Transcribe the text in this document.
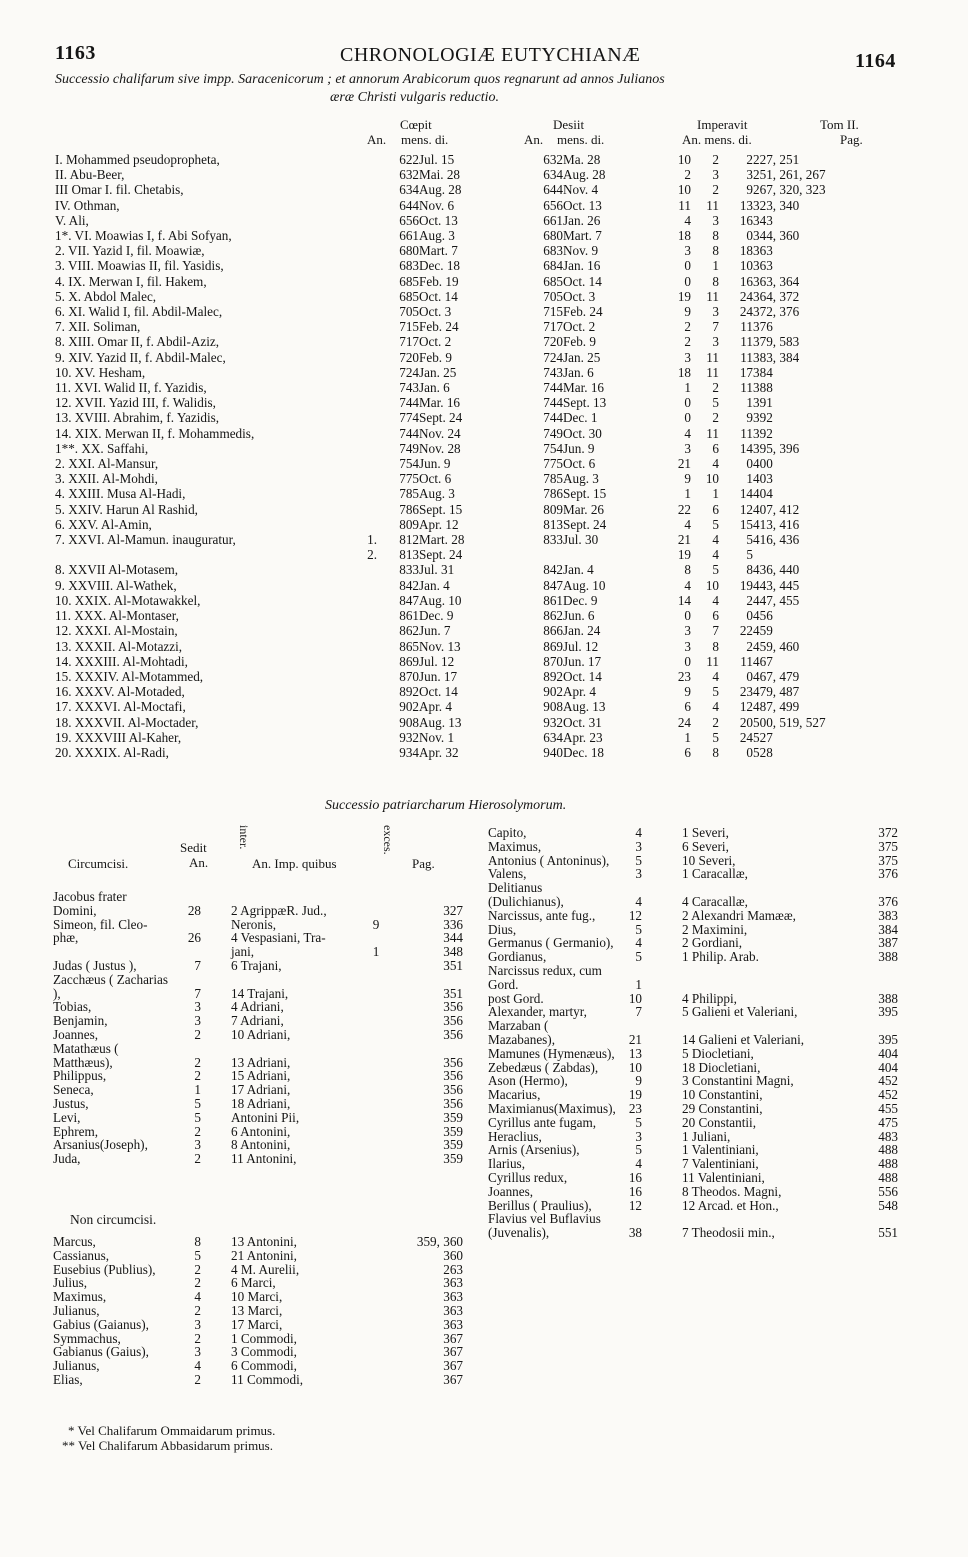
1163	CHRONOLOGIÆ EUTYCHIANÆ	1164
Successio chalifarum sive impp. Saracenicorum ; et annorum Arabicorum quos regnarunt ad annos Julianos
æræ Christi vulgaris reductio.
Cœpit	Desiit	Imperavit	Tom II.
An. mens. di.	An. mens. di.	An. mens. di.	Pag.
I. Mohammed pseudopropheta,		622	Jul. 15		632	Ma. 28	10	2	2	227, 251
II. Abu-Beer,		632	Mai. 28		634	Aug. 28	2	3	3	251, 261, 267
III Omar I. fil. Chetabis,		634	Aug. 28		644	Nov. 4	10	2	9	267, 320, 323
IV. Othman,		644	Nov. 6		656	Oct. 13	11	11	13	323, 340
V. Ali,		656	Oct. 13		661	Jan. 26	4	3	16	343
1*. VI. Moawias I, f. Abi Sofyan,		661	Aug. 3		680	Mart. 7	18	8	0	344, 360
2. VII. Yazid I, fil. Moawiæ,		680	Mart. 7		683	Nov. 9	3	8	18	363
3. VIII. Moawias II, fil. Yasidis,		683	Dec. 18		684	Jan. 16	0	1	10	363
4. IX. Merwan I, fil. Hakem,		685	Feb. 19		685	Oct. 14	0	8	16	363, 364
5. X. Abdol Malec,		685	Oct. 14		705	Oct. 3	19	11	24	364, 372
6. XI. Walid I, fil. Abdil-Malec,		705	Oct. 3		715	Feb. 24	9	3	24	372, 376
7. XII. Soliman,		715	Feb. 24		717	Oct. 2	2	7	11	376
8. XIII. Omar II, f. Abdil-Aziz,		717	Oct. 2		720	Feb. 9	2	3	11	379, 583
9. XIV. Yazid II, f. Abdil-Malec,		720	Feb. 9		724	Jan. 25	3	11	11	383, 384
10. XV. Hesham,		724	Jan. 25		743	Jan. 6	18	11	17	384
11. XVI. Walid II, f. Yazidis,		743	Jan. 6		744	Mar. 16	1	2	11	388
12. XVII. Yazid III, f. Walidis,		744	Mar. 16		744	Sept. 13	0	5	1	391
13. XVIII. Abrahim, f. Yazidis,		774	Sept. 24		744	Dec. 1	0	2	9	392
14. XIX. Merwan II, f. Mohammedis,		744	Nov. 24		749	Oct. 30	4	11	11	392
1**. XX. Saffahi,		749	Nov. 28		754	Jun. 9	3	6	14	395, 396
2. XXI. Al-Mansur,		754	Jun. 9		775	Oct. 6	21	4	0	400
3. XXII. Al-Mohdi,		775	Oct. 6		785	Aug. 3	9	10	1	403
4. XXIII. Musa Al-Hadi,		785	Aug. 3		786	Sept. 15	1	1	14	404
5. XXIV. Harun Al Rashid,		786	Sept. 15		809	Mar. 26	22	6	12	407, 412
6. XXV. Al-Amin,		809	Apr. 12		813	Sept. 24	4	5	15	413, 416
7. XXVI. Al-Mamun. inauguratur,	1.	812	Mart. 28		833	Jul. 30	21	4	5	416, 436
	2.	813	Sept. 24				19	4	5	
8. XXVII Al-Motasem,		833	Jul. 31		842	Jan. 4	8	5	8	436, 440
9. XXVIII. Al-Wathek,		842	Jan. 4		847	Aug. 10	4	10	19	443, 445
10. XXIX. Al-Motawakkel,		847	Aug. 10		861	Dec. 9	14	4	2	447, 455
11. XXX. Al-Montaser,		861	Dec. 9		862	Jun. 6	0	6	0	456
12. XXXI. Al-Mostain,		862	Jun. 7		866	Jan. 24	3	7	22	459
13. XXXII. Al-Motazzi,		865	Nov. 13		869	Jul. 12	3	8	2	459, 460
14. XXXIII. Al-Mohtadi,		869	Jul. 12		870	Jun. 17	0	11	11	467
15. XXXIV. Al-Motammed,		870	Jun. 17		892	Oct. 14	23	4	0	467, 479
16. XXXV. Al-Motaded,		892	Oct. 14		902	Apr. 4	9	5	23	479, 487
17. XXXVI. Al-Moctafi,		902	Apr. 4		908	Aug. 13	6	4	12	487, 499
18. XXXVII. Al-Moctader,		908	Aug. 13		932	Oct. 31	24	2	20	500, 519, 527
19. XXXVIII Al-Kaher,		932	Nov. 1		634	Apr. 23	1	5	24	527
20. XXXIX. Al-Radi,		934	Apr. 32		940	Dec. 18	6	8	0	528
Successio patriarcharum Hierosolymorum.
Sedit
An.
Circumcisi.
inter.
An. Imp. quibus
exces.
Pag.
Jacobus frater Domini,	28	2 AgrippæR. Jud.,		327
Simeon, fil. Cleo-		Neronis,	9	336
phæ,	26	4 Vespasiani, Tra-		344
		jani,	1	348
Judas ( Justus ),	7	6 Trajani,		351
Zacchæus ( Zacharias ),	7	14 Trajani,		351
Tobias,	3	4 Adriani,		356
Benjamin,	3	7 Adriani,		356
Joannes,	2	10 Adriani,		356
Matathæus ( Matthæus),	2	13 Adriani,		356
Philippus,	2	15 Adriani,		356
Seneca,	1	17 Adriani,		356
Justus,	5	18 Adriani,		356
Levi,	5	Antonini Pii,		359
Ephrem,	2	6 Antonini,		359
Arsanius(Joseph),	3	8 Antonini,		359
Juda,	2	11 Antonini,		359
Non circumcisi.
Marcus,	8	13 Antonini,		359, 360
Cassianus,	5	21 Antonini,		360
Eusebius (Publius),	2	4 M. Aurelii,		263
Julius,	2	6 Marci,		363
Maximus,	4	10 Marci,		363
Julianus,	2	13 Marci,		363
Gabius (Gaianus),	3	17 Marci,		363
Symmachus,	2	1 Commodi,		367
Gabianus (Gaius),	3	3 Commodi,		367
Julianus,	4	6 Commodi,		367
Elias,	2	11 Commodi,		367
Capito,	4	1 Severi,	372
Maximus,	3	6 Severi,	375
Antonius ( Antoninus),	5	10 Severi,	375
Valens,	3	1 Caracallæ,	376
Delitianus (Dulichianus),	4	4 Caracallæ,	376
Narcissus, ante fug.,	12	2 Alexandri Mamææ,	383
Dius,	5	2 Maximini,	384
Germanus ( Germanio),	4	2 Gordiani,	387
Gordianus,	5	1 Philip. Arab.	388
Narcissus redux, cum Gord.	1		
post Gord.	10	4 Philippi,	388
Alexander, martyr,	7	5 Galieni et Valeriani,	395
Marzaban ( Mazabanes),	21	14 Galieni et Valeriani,	395
Mamunes (Hymenæus),	13	5 Diocletiani,	404
Zebedæus ( Zabdas),	10	18 Diocletiani,	404
Ason (Hermo),	9	3 Constantini Magni,	452
Macarius,	19	10 Constantini,	452
Maximianus(Maximus),	23	29 Constantini,	455
Cyrillus ante fugam,	5	20 Constantii,	475
Heraclius,	3	1 Juliani,	483
Arnis (Arsenius),	5	1 Valentiniani,	488
Ilarius,	4	7 Valentiniani,	488
Cyrillus redux,	16	11 Valentiniani,	488
Joannes,	16	8 Theodos. Magni,	556
Berillus ( Praulius),	12	12 Arcad. et Hon.,	548
Flavius vel Buflavius (Juvenalis),	38	7 Theodosii min.,	551
* Vel Chalifarum Ommaidarum primus.
** Vel Chalifarum Abbasidarum primus.
